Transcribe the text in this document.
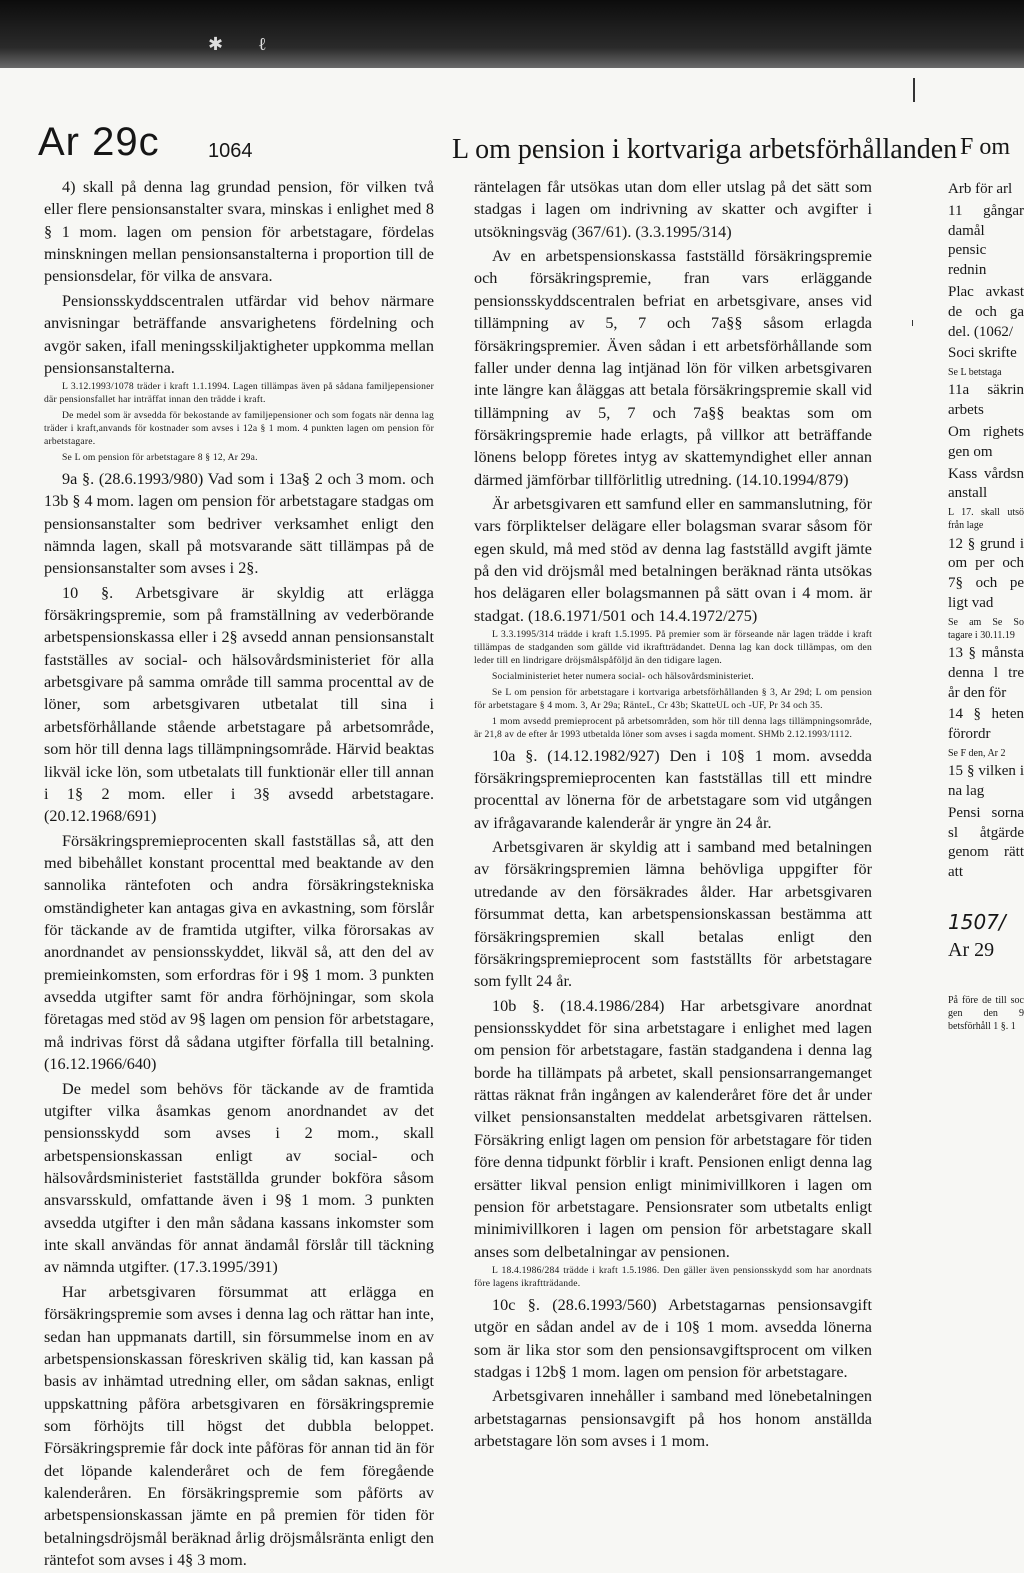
✱ ℓ
Ar 29c 1064	L om pension i kortvariga arbetsförhållanden F om

4) skall på denna lag grundad pension, för vilken två eller flere pensionsanstalter svara, minskas i enlighet med 8 § 1 mom. lagen om pension för arbetstagare, fördelas minskningen mellan pensionsanstalterna i proportion till de pensionsdelar, för vilka de ansvara.

Pensionsskyddscentralen utfärdar vid behov närmare anvisningar beträffande ansvarighetens fördelning och avgör saken, ifall meningsskiljaktigheter uppkomma mellan pensionsanstalterna.

L 3.12.1993/1078 träder i kraft 1.1.1994. Lagen tillämpas även på sådana familjepensioner där pensionsfallet har inträffat innan den trädde i kraft.

De medel som är avsedda för bekostande av familjepensioner och som fogats när denna lag träder i kraft,anvands för kostnader som avses i 12a § 1 mom. 4 punkten lagen om pension för arbetstagare.

Se L om pension för arbetstagare 8 § 12, Ar 29a.

9a §. (28.6.1993/980) Vad som i 13a§ 2 och 3 mom. och 13b § 4 mom. lagen om pension för arbetstagare stadgas om pensionsanstalter som bedriver verksamhet enligt den nämnda lagen, skall på motsvarande sätt tillämpas på de pensionsanstalter som avses i 2§.

10 §. Arbetsgivare är skyldig att erlägga försäkringspremie, som på framställning av vederbörande arbetspensionskassa eller i 2§ avsedd annan pensionsanstalt fastställes av social- och hälsovårdsministeriet för alla arbetsgivare på samma område till samma procenttal av de löner, som arbetsgivaren utbetalat till sina i arbetsförhållande stående arbetstagare på arbetsområde, som hör till denna lags tillämpningsområde. Härvid beaktas likväl icke lön, som utbetalats till funktionär eller till annan i 1§ 2 mom. eller i 3§ avsedd arbetstagare. (20.12.1968/691)

Försäkringspremieprocenten skall fastställas så, att den med bibehållet konstant procenttal med beaktande av den sannolika räntefoten och andra försäkringstekniska omständigheter kan antagas giva en avkastning, som förslår för täckande av de framtida utgifter, vilka förorsakas av anordnandet av pensionsskyddet, likväl så, att den del av premieinkomsten, som erfordras för i 9§ 1 mom. 3 punkten avsedda utgifter samt för andra förhöjningar, som skola företagas med stöd av 9§ lagen om pension för arbetstagare, må indrivas först då sådana utgifter förfalla till betalning. (16.12.1966/640)

De medel som behövs för täckande av de framtida utgifter vilka åsamkas genom anordnandet av det pensionsskydd som avses i 2 mom., skall arbetspensionskassan enligt av social- och hälsovårdsministeriet fastställda grunder bokföra såsom ansvarsskuld, omfattande även i 9§ 1 mom. 3 punkten avsedda utgifter i den mån sådana kassans inkomster som inte skall användas för annat ändamål förslår till täckning av nämnda utgifter. (17.3.1995/391)

Har arbetsgivaren försummat att erlägga en försäkringspremie som avses i denna lag och rättar han inte, sedan han uppmanats dartill, sin försummelse inom en av arbetspensionskassan föreskriven skälig tid, kan kassan på basis av inhämtad utredning eller, om sådan saknas, enligt uppskattning påföra arbetsgivaren en försäkringspremie som förhöjts till högst det dubbla beloppet. Försäkringspremie får dock inte påföras för annan tid än för det löpande kalenderåret och de fem föregående kalenderåren. En försäkringspremie som påförts av arbetspensionskassan jämte en på premien för tiden för betalningsdröjsmål beräknad årlig dröjsmålsränta enligt den räntefot som avses i 4§ 3 mom.

räntelagen får utsökas utan dom eller utslag på det sätt som stadgas i lagen om indrivning av skatter och avgifter i utsökningsväg (367/61). (3.3.1995/314)

Av en arbetspensionskassa fastställd försäkringspremie och försäkringspremie, fran vars erläggande pensionsskyddscentralen befriat en arbetsgivare, anses vid tillämpning av 5, 7 och 7a§§ såsom erlagda försäkringspremier. Även sådan i ett arbetsförhållande som faller under denna lag intjänad lön för vilken arbetsgivaren inte längre kan åläggas att betala försäkringspremie skall vid tillämpning av 5, 7 och 7a§§ beaktas som om försäkringspremie hade erlagts, på villkor att beträffande lönens belopp företes intyg av skattemyndighet eller annan därmed jämförbar tillförlitlig utredning. (14.10.1994/879)

Är arbetsgivaren ett samfund eller en sammanslutning, för vars förpliktelser delägare eller bolagsman svarar såsom för egen skuld, må med stöd av denna lag fastställd avgift jämte på den vid dröjsmål med betalningen beräknad ränta utsökas hos delägaren eller bolagsmannen på sätt ovan i 4 mom. är stadgat. (18.6.1971/501 och 14.4.1972/275)

L 3.3.1995/314 trädde i kraft 1.5.1995. På premier som är förseande när lagen trädde i kraft tillämpas de stadganden som gällde vid ikraftträdandet. Denna lag kan dock tillämpas, om den leder till en lindrigare dröjsmålspåföljd än den tidigare lagen.

Socialministeriet heter numera social- och hälsovårdsministeriet.

Se L om pension för arbetstagare i kortvariga arbetsförhållanden § 3, Ar 29d; L om pension för arbetstagare § 4 mom. 3, Ar 29a; RänteL, Cr 43b; SkatteUL och -UF, Pr 34 och 35.

1 mom avsedd premieprocent på arbetsområden, som hör till denna lags tillämpningsområde, är 21,8 av de efter år 1993 utbetalda löner som avses i sagda moment. SHMb 2.12.1993/1112.

10a §. (14.12.1982/927) Den i 10§ 1 mom. avsedda försäkringspremieprocenten kan fastställas till ett mindre procenttal av lönerna för de arbetstagare som vid utgången av ifrågavarande kalenderår är yngre än 24 år.

Arbetsgivaren är skyldig att i samband med betalningen av försäkringspremien lämna behövliga uppgifter för utredande av den försäkrades ålder. Har arbetsgivaren försummat detta, kan arbetspensionskassan bestämma att försäkringspremien skall betalas enligt den försäkringspremieprocent som fastställts för arbetstagare som fyllt 24 år.

10b §. (18.4.1986/284) Har arbetsgivare anordnat pensionsskyddet för sina arbetstagare i enlighet med lagen om pension för arbetstagare, fastän stadgandena i denna lag borde ha tillämpats på arbetet, skall pensionsarrangemanget rättas räknat från ingången av kalenderåret före det år under vilket pensionsanstalten meddelat arbetsgivaren rättelsen. Försäkring enligt lagen om pension för arbetstagare för tiden före denna tidpunkt förblir i kraft. Pensionen enligt denna lag ersätter likval pension enligt minimivillkoren i lagen om pension för arbetstagare. Pensionsrater som utbetalts enligt minimivillkoren i lagen om pension för arbetstagare skall anses som delbetalningar av pensionen.

L 18.4.1986/284 trädde i kraft 1.5.1986. Den gäller även pensionsskydd som har anordnats före lagens ikraftträdande.

10c §. (28.6.1993/560) Arbetstagarnas pensionsavgift utgör en sådan andel av de i 10§ 1 mom. avsedda lönerna som är lika stor som den pensionsavgiftsprocent om vilken stadgas i 12b§ 1 mom. lagen om pension för arbetstagare.

Arbetsgivaren innehåller i samband med lönebetalningen arbetstagarnas pensionsavgift på hos honom anställda arbetstagare lön som avses i 1 mom.

Arb för arl

11 gångar damål pensic rednin

Plac avkast de och ga del. (1062/

Soci skrifte

Se L betstaga

11a säkrin arbets

Om righets gen om

Kass vårdsn anstall

L 17. skall utsö från lage

12 § grund i om per och 7§ och pe ligt vad

Se am Se So tagare i 30.11.19

13 § månsta denna l tre år den för

14 § heten förordr

Se F den, Ar 2

15 § vilken i na lag

Pensi sorna sl åtgärde genom rätt att

1507/

Ar 29

På före de till soc gen den 9 betsförhåll 1 §. 1
